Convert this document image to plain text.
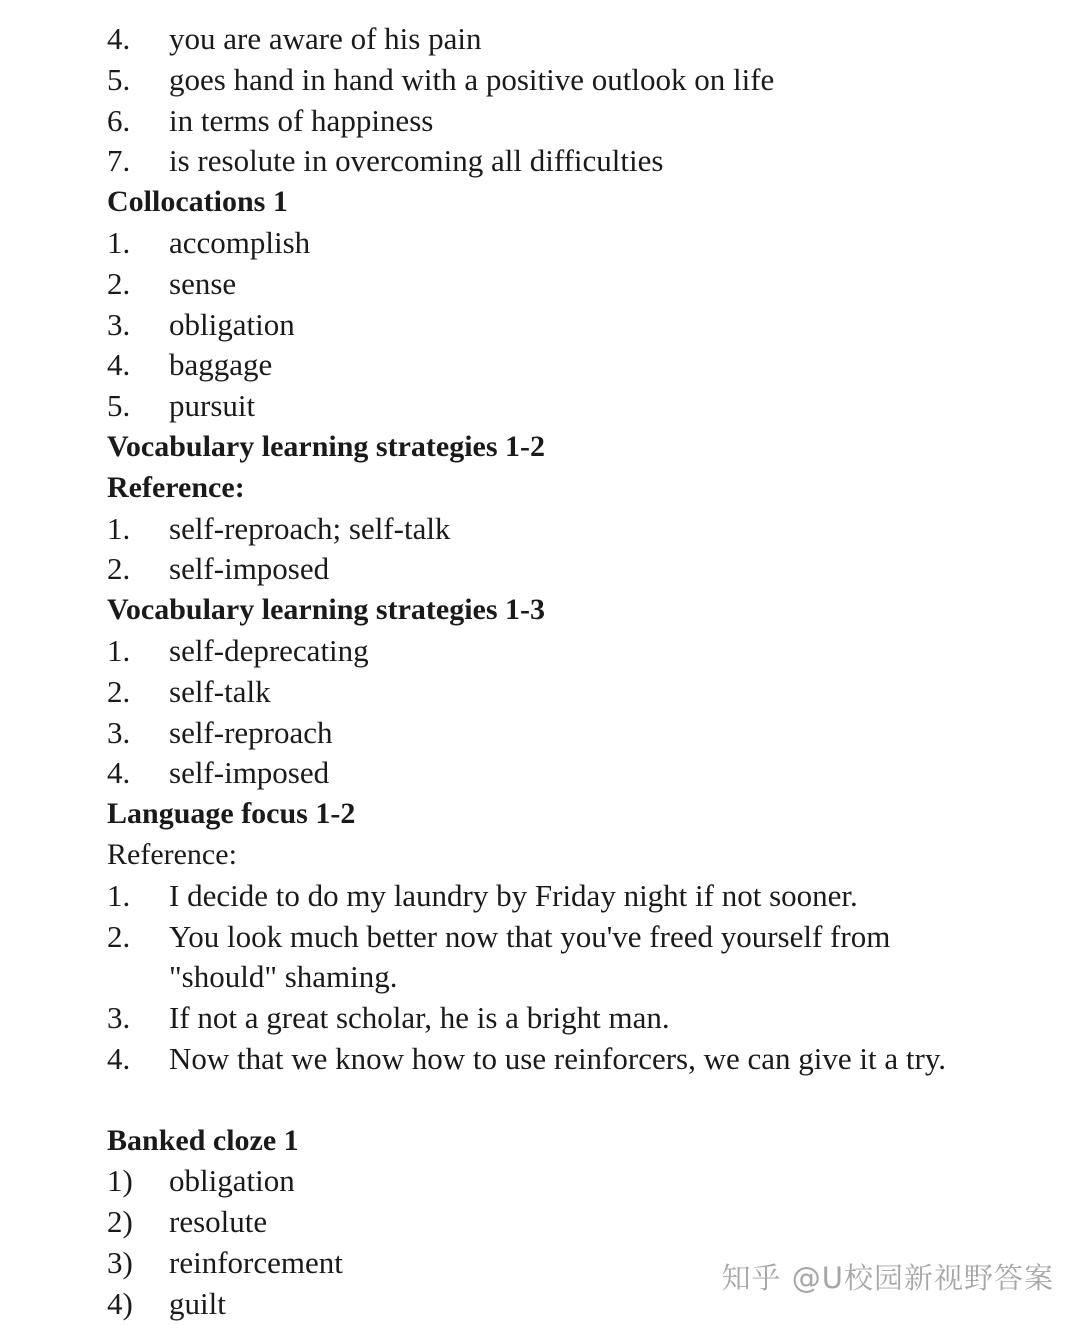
4.	you are aware of his pain
5.	goes hand in hand with a positive outlook on life
6.	in terms of happiness
7.	is resolute in overcoming all difficulties
Collocations 1
1.	accomplish
2.	sense
3.	obligation
4.	baggage
5.	pursuit
Vocabulary learning strategies 1-2
Reference:
1.	self-reproach; self-talk
2.	self-imposed
Vocabulary learning strategies 1-3
1.	self-deprecating
2.	self-talk
3.	self-reproach
4.	self-imposed
Language focus 1-2
Reference:
1.	I decide to do my laundry by Friday night if not sooner.
2.	You look much better now that you've freed yourself from "should" shaming.
3.	If not a great scholar, he is a bright man.
4.	Now that we know how to use reinforcers, we can give it a try.
Banked cloze 1
1)	obligation
2)	resolute
3)	reinforcement
4)	guilt
知乎 @U校园新视野答案
